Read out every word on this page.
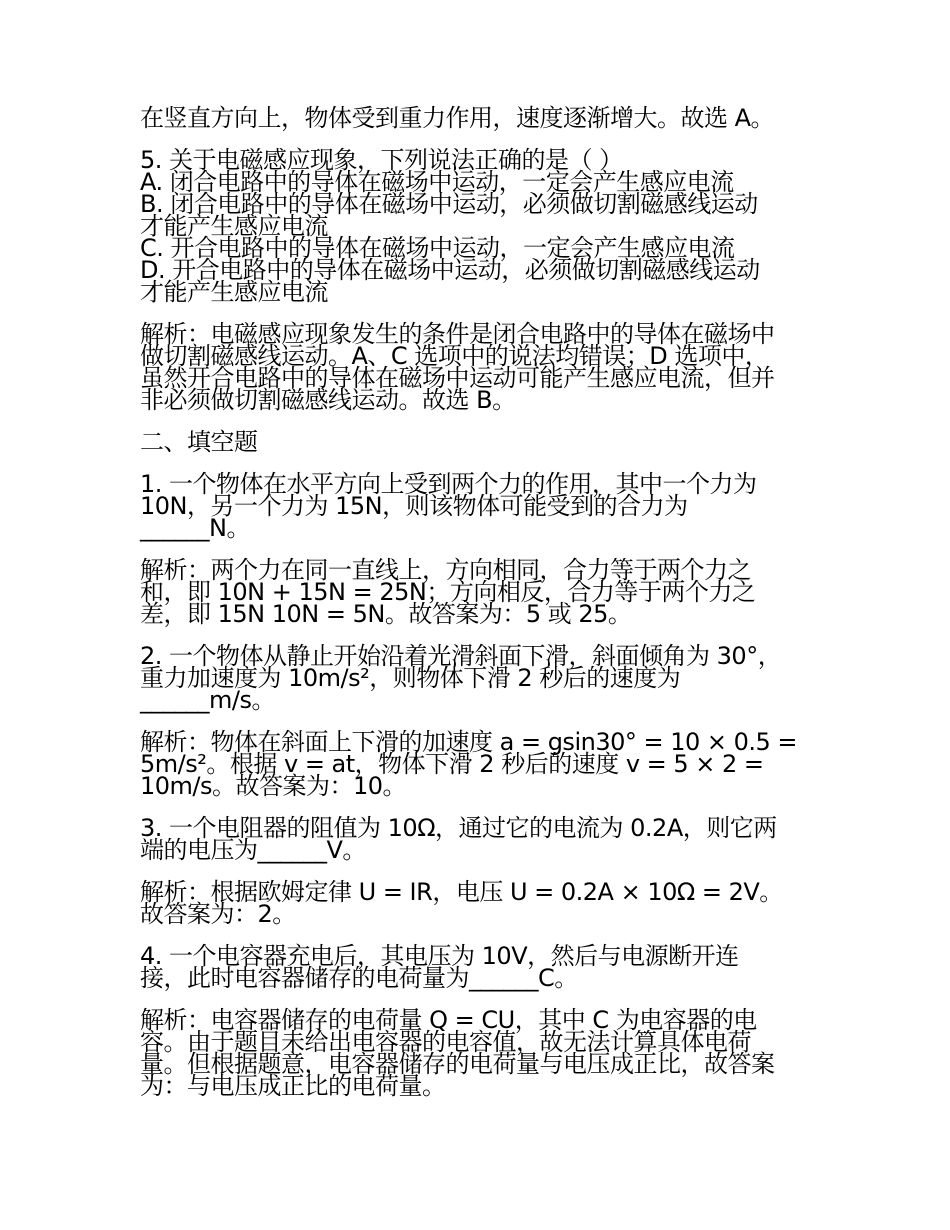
在竖直方向上，物体受到重力作用，速度逐渐增大。故选 A。
5. 关于电磁感应现象，下列说法正确的是（ ）
A. 闭合电路中的导体在磁场中运动，一定会产生感应电流
B. 闭合电路中的导体在磁场中运动，必须做切割磁感线运动
才能产生感应电流
C. 开合电路中的导体在磁场中运动，一定会产生感应电流
D. 开合电路中的导体在磁场中运动，必须做切割磁感线运动
才能产生感应电流
解析：电磁感应现象发生的条件是闭合电路中的导体在磁场中
做切割磁感线运动。A、C 选项中的说法均错误；D 选项中，
虽然开合电路中的导体在磁场中运动可能产生感应电流，但并
非必须做切割磁感线运动。故选 B。
二、填空题
1. 一个物体在水平方向上受到两个力的作用，其中一个力为
10N，另一个力为 15N，则该物体可能受到的合力为
______N。
解析：两个力在同一直线上，方向相同，合力等于两个力之
和，即 10N + 15N = 25N；方向相反，合力等于两个力之
差，即 15N 10N = 5N。故答案为：5 或 25。
2. 一个物体从静止开始沿着光滑斜面下滑，斜面倾角为 30°，
重力加速度为 10m/s²，则物体下滑 2 秒后的速度为
______m/s。
解析：物体在斜面上下滑的加速度 a = gsin30° = 10 × 0.5 =
5m/s²。根据 v = at，物体下滑 2 秒后的速度 v = 5 × 2 =
10m/s。故答案为：10。
3. 一个电阻器的阻值为 10Ω，通过它的电流为 0.2A，则它两
端的电压为______V。
解析：根据欧姆定律 U = IR，电压 U = 0.2A × 10Ω = 2V。
故答案为：2。
4. 一个电容器充电后，其电压为 10V，然后与电源断开连
接，此时电容器储存的电荷量为______C。
解析：电容器储存的电荷量 Q = CU，其中 C 为电容器的电
容。由于题目未给出电容器的电容值，故无法计算具体电荷
量。但根据题意，电容器储存的电荷量与电压成正比，故答案
为：与电压成正比的电荷量。
